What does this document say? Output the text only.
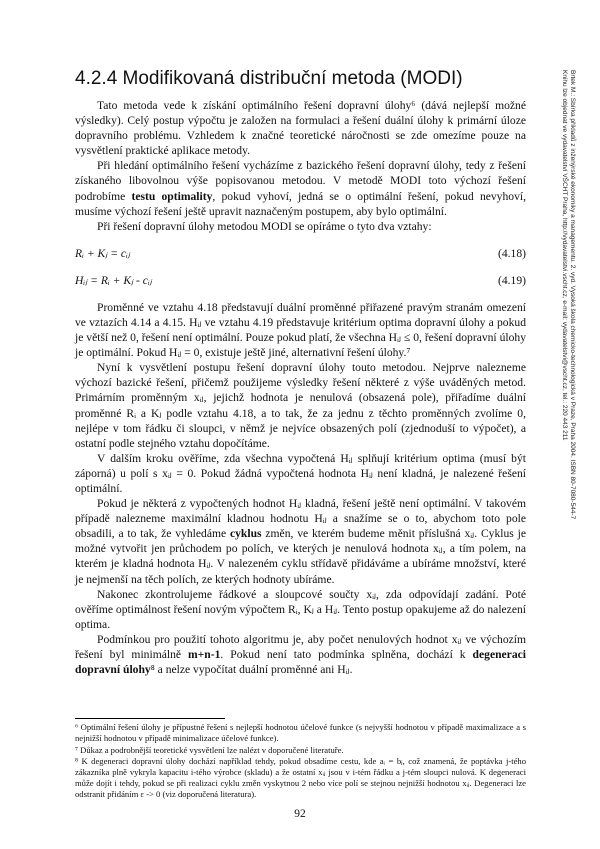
4.2.4 Modifikovaná distribuční metoda (MODI)	Brtek M.: Sbírka příkladů z inženýrské ekonomiky a managementu. 2. vyd. Vysoká škola chemicko-technologická v Praze, Praha 2004. ISBN 80-7080-544-7
Knihu lze objednat ve vydavatelství VŠCHT Praha, http://vydavatelstvi.vscht.cz, e-mail: vydavatelstvi@vscht.cz, tel.: 220 443 211

Tato metoda vede k získání optimálního řešení dopravní úlohy⁶ (dává nejlepší možné výsledky). Celý postup výpočtu je založen na formulaci a řešení duální úlohy k primární úloze dopravního problému. Vzhledem k značné teoretické náročnosti se zde omezíme pouze na vysvětlení praktické aplikace metody.

Při hledání optimálního řešení vycházíme z bazického řešení dopravní úlohy, tedy z řešení získaného libovolnou výše popisovanou metodou. V metodě MODI toto výchozí řešení podrobíme testu optimality, pokud vyhoví, jedná se o optimální řešení, pokud nevyhoví, musíme výchozí řešení ještě upravit naznačeným postupem, aby bylo optimální.

Při řešení dopravní úlohy metodou MODI se opíráme o tyto dva vztahy:

Rᵢ + Kⱼ = cᵢⱼ	(4.18)
Hᵢⱼ = Rᵢ + Kⱼ - cᵢⱼ	(4.19)

Proměnné ve vztahu 4.18 představují duální proměnné přiřazené pravým stranám omezení ve vztazích 4.14 a 4.15. Hᵢⱼ ve vztahu 4.19 představuje kritérium optima dopravní úlohy a pokud je větší než 0, řešení není optimální. Pouze pokud platí, že všechna Hᵢⱼ ≤ 0, řešení dopravní úlohy je optimální. Pokud Hᵢⱼ = 0, existuje ještě jiné, alternativní řešení úlohy.⁷

Nyní k vysvětlení postupu řešení dopravní úlohy touto metodou. Nejprve nalezneme výchozí bazické řešení, přičemž použijeme výsledky řešení některé z výše uváděných metod. Primárním proměnným xᵢⱼ, jejichž hodnota je nenulová (obsazená pole), přiřadíme duální proměnné Rᵢ a Kⱼ podle vztahu 4.18, a to tak, že za jednu z těchto proměnných zvolíme 0, nejlépe v tom řádku či sloupci, v němž je nejvíce obsazených polí (zjednoduší to výpočet), a ostatní podle stejného vztahu dopočítáme.

V dalším kroku ověříme, zda všechna vypočtená Hᵢⱼ splňují kritérium optima (musí být záporná) u polí s xᵢⱼ = 0. Pokud žádná vypočtená hodnota Hᵢⱼ není kladná, je nalezené řešení optimální.

Pokud je některá z vypočtených hodnot Hᵢⱼ kladná, řešení ještě není optimální. V takovém případě nalezneme maximální kladnou hodnotu Hᵢⱼ a snažíme se o to, abychom toto pole obsadili, a to tak, že vyhledáme cyklus změn, ve kterém budeme měnit příslušná xᵢⱼ. Cyklus je možné vytvořit jen průchodem po polích, ve kterých je nenulová hodnota xᵢⱼ, a tím polem, na kterém je kladná hodnota Hᵢⱼ. V nalezeném cyklu střídavě přidáváme a ubíráme množství, které je nejmenší na těch polích, ze kterých hodnoty ubíráme.

Nakonec zkontrolujeme řádkové a sloupcové součty xᵢⱼ, zda odpovídají zadání. Poté ověříme optimálnost řešení novým výpočtem Rᵢ, Kⱼ a Hᵢⱼ. Tento postup opakujeme až do nalezení optima.

Podmínkou pro použití tohoto algoritmu je, aby počet nenulových hodnot xᵢⱼ ve výchozím řešení byl minimálně m+n-1. Pokud není tato podmínka splněna, dochází k degeneraci dopravní úlohy⁸ a nelze vypočítat duální proměnné ani Hᵢⱼ.

⁶ Optimální řešení úlohy je přípustné řešení s nejlepší hodnotou účelové funkce (s nejvyšší hodnotou v případě maximalizace a s nejnižší hodnotou v případě minimalizace účelové funkce).

⁷ Důkaz a podrobnější teoretické vysvětlení lze nalézt v doporučené literatuře.

⁸ K degeneraci dopravní úlohy dochází například tehdy, pokud obsadíme cestu, kde aᵢ = bⱼ, což znamená, že poptávka j-tého zákazníka plně vykryla kapacitu i-tého výrobce (skladu) a že ostatní xᵢⱼ jsou v i-tém řádku a j-tém sloupci nulová. K degeneraci může dojít i tehdy, pokud se při realizaci cyklu změn vyskytnou 2 nebo více polí se stejnou nejnižší hodnotou xᵢⱼ. Degeneraci lze odstranit přidáním ε -> 0 (viz doporučená literatura).

92
